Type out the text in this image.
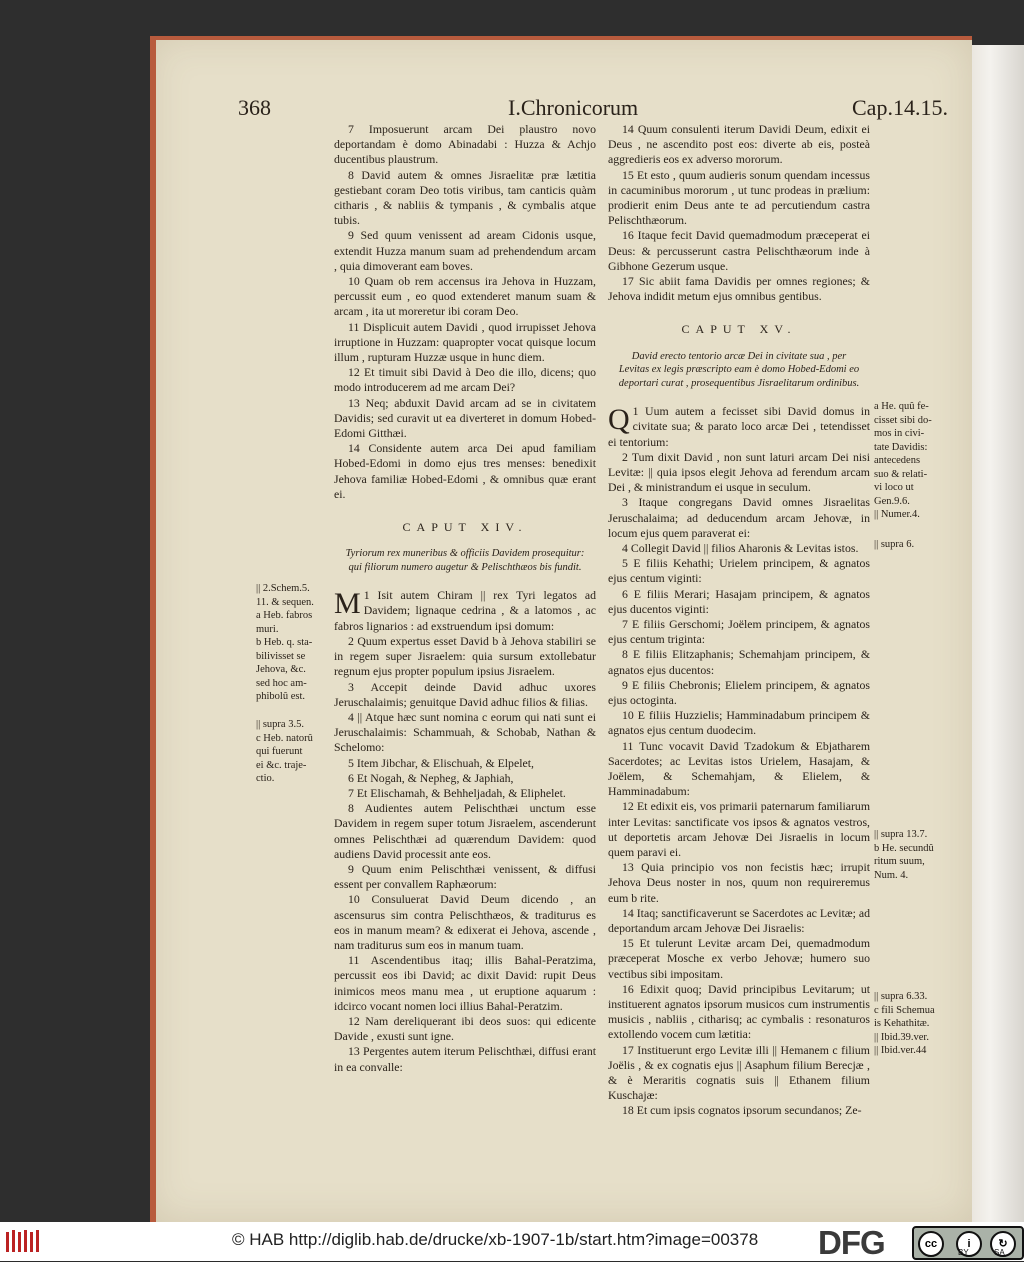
368	I.Chronicorum	Cap.14.15.

7 Imposuerunt arcam Dei plaustro novo deportandam è domo Abinadabi : Huzza & Achjo ducentibus plaustrum.

8 David autem & omnes Jisraelitæ præ lætitia gestiebant coram Deo totis viribus, tam canticis quàm citharis , & nabliis & tympanis , & cymbalis atque tubis.

9 Sed quum venissent ad aream Cidonis usque, extendit Huzza manum suam ad prehendendum arcam , quia dimoverant eam boves.

10 Quam ob rem accensus ira Jehova in Huzzam, percussit eum , eo quod extenderet manum suam & arcam , ita ut moreretur ibi coram Deo.

11 Displicuit autem Davidi , quod irrupisset Jehova irruptione in Huzzam: quapropter vocat quisque locum illum , rupturam Huzzæ usque in hunc diem.

12 Et timuit sibi David à Deo die illo, dicens; quo modo introducerem ad me arcam Dei?

13 Neq; abduxit David arcam ad se in civitatem Davidis; sed curavit ut ea diverteret in domum Hobed-Edomi Gitthæi.

14 Considente autem arca Dei apud familiam Hobed-Edomi in domo ejus tres menses: benedixit Jehova familiæ Hobed-Edomi , & omnibus quæ erant ei.

CAPUT XIV.
Tyriorum rex muneribus & officiis Davidem prosequitur: qui filiorum numero augetur & Pelischthæos bis fundit.
M 1 Isit autem Chiram || rex Tyri legatos ad Davidem; lignaque cedrina , & a latomos , ac fabros lignarios : ad exstruendum ipsi domum:

2 Quum expertus esset David b à Jehova stabiliri se in regem super Jisraelem: quia sursum extollebatur regnum ejus propter populum ipsius Jisraelem.

3 Accepit deinde David adhuc uxores Jeruschalaimis; genuitque David adhuc filios & filias.

4 || Atque hæc sunt nomina c eorum qui nati sunt ei Jeruschalaimis: Schammuah, & Schobab, Nathan & Schelomo:

5 Item Jibchar, & Elischuah, & Elpelet,

6 Et Nogah, & Nepheg, & Japhiah,

7 Et Elischamah, & Behheljadah, & Eliphelet.

8 Audientes autem Pelischthæi unctum esse Davidem in regem super totum Jisraelem, ascenderunt omnes Pelischthæi ad quærendum Davidem: quod audiens David processit ante eos.

9 Quum enim Pelischthæi venissent, & diffusi essent per convallem Raphæorum:

10 Consuluerat David Deum dicendo , an ascensurus sim contra Pelischthæos, & traditurus es eos in manum meam? & edixerat ei Jehova, ascende , nam traditurus sum eos in manum tuam.

11 Ascendentibus itaq; illis Bahal-Peratzima, percussit eos ibi David; ac dixit David: rupit Deus inimicos meos manu mea , ut eruptione aquarum : idcirco vocant nomen loci illius Bahal-Peratzim.

12 Nam dereliquerant ibi deos suos: qui edicente Davide , exusti sunt igne.

13 Pergentes autem iterum Pelischthæi, diffusi erant in ea convalle:

|| 2.Schem.5.
11. & sequen.
a Heb. fabros
muri.
b Heb. q. sta-
bilivisset se
Jehova, &c.
sed hoc am-
phibolû est.
|| supra 3.5.
c Heb. natorû
qui fuerunt
ei &c. traje-
ctio.

14 Quum consulenti iterum Davidi Deum, edixit ei Deus , ne ascendito post eos: diverte ab eis, posteà aggredieris eos ex adverso mororum.

15 Et esto , quum audieris sonum quendam incessus in cacuminibus mororum , ut tunc prodeas in prælium: prodierit enim Deus ante te ad percutiendum castra Pelischthæorum.

16 Itaque fecit David quemadmodum præceperat ei Deus: & percusserunt castra Pelischthæorum inde à Gibhone Gezerum usque.

17 Sic abiit fama Davidis per omnes regiones; & Jehova indidit metum ejus omnibus gentibus.

CAPUT XV.
David erecto tentorio arcæ Dei in civitate sua , per Levitas ex legis præscripto eam è domo Hobed-Edomi eo deportari curat , prosequentibus Jisraelitarum ordinibus.
Q 1 Uum autem a fecisset sibi David domus in civitate sua; & parato loco arcæ Dei , tetendisset ei tentorium:

2 Tum dixit David , non sunt laturi arcam Dei nisi Levitæ: || quia ipsos elegit Jehova ad ferendum arcam Dei , & ministrandum ei usque in seculum.

3 Itaque congregans David omnes Jisraelitas Jeruschalaima; ad deducendum arcam Jehovæ, in locum ejus quem paraverat ei:

4 Collegit David || filios Aharonis & Levitas istos.

5 E filiis Kehathi; Urielem principem, & agnatos ejus centum viginti:

6 E filiis Merari; Hasajam principem, & agnatos ejus ducentos viginti:

7 E filiis Gerschomi; Joëlem principem, & agnatos ejus centum triginta:

8 E filiis Elitzaphanis; Schemahjam principem, & agnatos ejus ducentos:

9 E filiis Chebronis; Elielem principem, & agnatos ejus octoginta.

10 E filiis Huzzielis; Hamminadabum principem & agnatos ejus centum duodecim.

11 Tunc vocavit David Tzadokum & Ebjatharem Sacerdotes; ac Levitas istos Urielem, Hasajam, & Joëlem, & Schemahjam, & Elielem, & Hamminadabum:

12 Et edixit eis, vos primarii paternarum familiarum inter Levitas: sanctificate vos ipsos & agnatos vestros, ut deportetis arcam Jehovæ Dei Jisraelis in locum quem paravi ei.

13 Quia principio vos non fecistis hæc; irrupit Jehova Deus noster in nos, quum non requireremus eum b rite.

14 Itaq; sanctificaverunt se Sacerdotes ac Levitæ; ad deportandum arcam Jehovæ Dei Jisraelis:

15 Et tulerunt Levitæ arcam Dei, quemadmodum præceperat Mosche ex verbo Jehovæ; humero suo vectibus sibi impositam.

16 Edixit quoq; David principibus Levitarum; ut instituerent agnatos ipsorum musicos cum instrumentis musicis , nabliis , citharisq; ac cymbalis : resonaturos extollendo vocem cum lætitia:

17 Instituerunt ergo Levitæ illi || Hemanem c filium Joëlis , & ex cognatis ejus || Asaphum filium Berecjæ , & è Meraritis cognatis suis || Ethanem filium Kuschajæ:

18 Et cum ipsis cognatos ipsorum secundanos; Ze-

a He. quû fe-
cisset sibi do-
mos in civi-
tate Davidis:
antecedens
suo & relati-
vi loco ut
Gen.9.6.
|| Numer.4.
|| supra 6.
|| supra 13.7.
b He. secundû
ritum suum,
Num. 4.
|| supra 6.33.
c fili Schemua
is Kehathitæ.
|| Ibid.39.ver.
|| Ibid.ver.44
© HAB http://diglib.hab.de/drucke/xb-1907-1b/start.htm?image=00378 DFG	cc	i	↻
BY	SA
